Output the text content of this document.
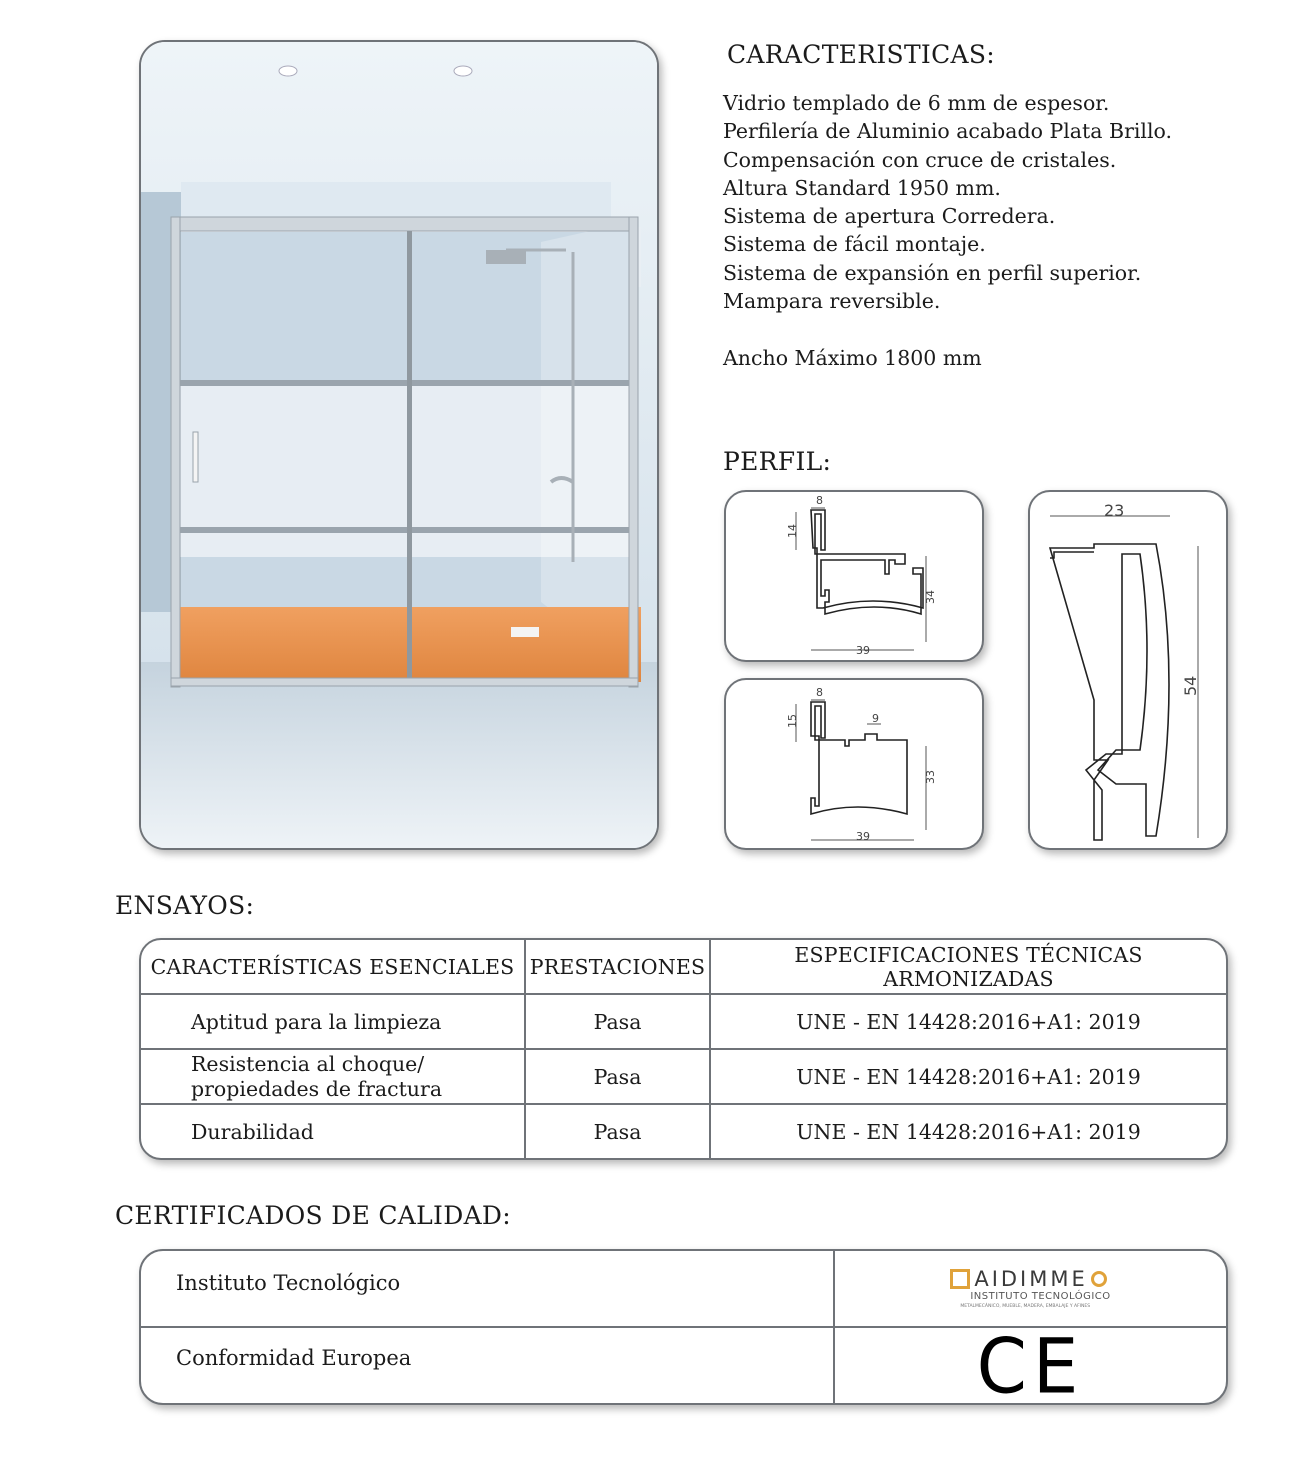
CARACTERISTICAS:
Vidrio templado de 6 mm de espesor.
Perfilería de Aluminio acabado Plata Brillo.
Compensación con cruce de cristales.
Altura Standard 1950 mm.
Sistema de apertura Corredera.
Sistema de fácil montaje.
Sistema de expansión en perfil superior.
Mampara reversible.
Ancho Máximo 1800 mm
PERFIL:
8
14
34
39
8
15	9
33
39
23
54
ENSAYOS:
CARACTERÍSTICAS ESENCIALES	PRESTACIONES	ESPECIFICACIONES TÉCNICAS ARMONIZADAS
Aptitud para la limpieza	Pasa	UNE - EN 14428:2016+A1: 2019

Resistencia al choque/
propiedades de fractura	Pasa	UNE - EN 14428:2016+A1: 2019
Durabilidad	Pasa	UNE - EN 14428:2016+A1: 2019
CERTIFICADOS DE CALIDAD:
Instituto Tecnológico	AIDIMME
INSTITUTO TECNOLÓGICO
METALMECÁNICO, MUEBLE, MADERA, EMBALAJE Y AFINES

Conformidad Europea	CE
